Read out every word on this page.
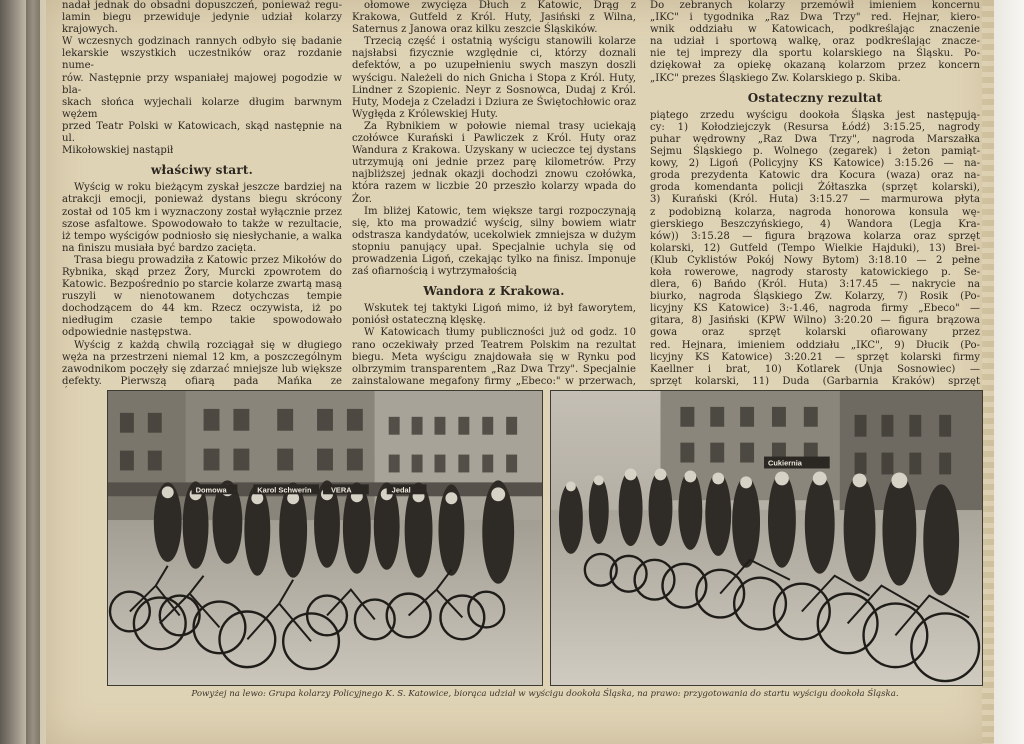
nadał jednak do obsadni dopuszczeń, ponieważ regu-
lamin biegu przewiduje jedynie udział kolarzy krajowych.
W wczesnych godzinach rannych odbyło się badanie
lekarskie wszystkich uczestników oraz rozdanie nume-
rów. Następnie przy wspaniałej majowej pogodzie w bla-
skach słońca wyjechali kolarze długim barwnym wężem
przed Teatr Polski w Katowicach, skąd następnie na ul.
Mikołowskiej nastąpił
właściwy start.

Wyścig w roku bieżącym zyskał jeszcze bardziej na atrakcji emocji, ponieważ dystans biegu skrócony został od 105 km i wyznaczony został wyłącznie przez szose asfaltowe. Spowodowało to także w rezultacie, iż tempo wyścigów podniosło się niesłychanie, a walka na finiszu musiała być bardzo zacięta.

Trasa biegu prowadziła z Katowic przez Mikołów do Rybnika, skąd przez Żory, Murcki zpowrotem do Katowic. Bezpośrednio po starcie kolarze zwartą masą ruszyli w nienotowanem dotychczas tempie dochodzącem do 44 km. Rzecz oczywista, iż po niedługim czasie tempo takie spowodowało odpowiednie następstwa.

Wyścig z każdą chwilą rozciągał się w długiego węża na przestrzeni niemal 12 km, a poszczególnym zawodnikom poczęły się zdarzać mniejsze lub większe defekty. Pierwszą ofiarą pada Mańka ze

ołomowe zwycięza Dłuch z Katowic, Drąg z Krakowa, Gutfeld z Król. Huty, Jasiński z Wilna, Saternus z Janowa oraz kilku zeszcie Śląskików.

Trzecią część i ostatnią wyścigu stanowili kolarze najsłabsi fizycznie względnie ci, którzy doznali defektów, a po uzupełnieniu swych maszyn doszli wyścigu. Należeli do nich Gnicha i Stopa z Król. Huty, Lindner z Szopienic. Neyr z Sosnowca, Dudaj z Król. Huty, Modeja z Czeladzi i Dziura ze Świętochłowic oraz Wygłęda z Królewskiej Huty.

Za Rybnikiem w połowie niemal trasy uciekają czołówce Kurański i Pawliczek z Król. Huty oraz Wandura z Krakowa. Uzyskany w ucieczce tej dystans utrzymują oni jednie przez parę kilometrów. Przy najbliższej jednak okazji dochodzi znowu czołówka, która razem w liczbie 20 przeszło kolarzy wpada do Żor.

Im bliżej Katowic, tem większe targi rozpoczynają się, kto ma prowadzić wyścig, silny bowiem wiatr odstrasza kandydatów, ucekolwiek zmniejsza w dużym stopniu panujący upał. Specjalnie uchyla się od prowadzenia Ligoń, czekając tylko na finisz. Imponuje zaś ofiarnością i wytrzymałością

Wandora z Krakowa.

Wskutek tej taktyki Ligoń mimo, iż był faworytem, poniósł ostateczną klęskę.

W Katowicach tłumy publiczności już od godz. 10 rano oczekiwały przed Teatrem Polskim na rezultat biegu. Meta wyścigu znajdowała się w Rynku pod olbrzymim transparentem „Raz Dwa Trzy". Specjalnie zainstalowane megafony firmy „Ebeco:" w przerwach,

Do zebranych kolarzy przemówił imieniem koncernu
„IKC" i tygodnika „Raz Dwa Trzy" red. Hejnar, kiero-
wnik oddziału w Katowicach, podkreślając znaczenie
na udział i sportową walkę, oraz podkreślając znacze-
nie tej imprezy dla sportu kolarskiego na Śląsku. Po-
dziękował za opiekę okazaną kolarzom przez koncern
„IKC" prezes Śląskiego Zw. Kolarskiego p. Skiba.
Ostateczny rezultat
piątego zrzedu wyścigu dookoła Śląska jest następują-
cy: 1) Kołodziejczyk (Resursa Łódź) 3:15.25, nagrody
puhar wędrowny „Raz Dwa Trzy", nagroda Marszałka
Sejmu Śląskiego p. Wolnego (zegarek) i żeton pamiąt-
kowy, 2) Ligoń (Policyjny KS Katowice) 3:15.26 — na-
groda prezydenta Katowic dra Kocura (waza) oraz na-
groda komendanta policji Żółtaszka (sprzęt kolarski),
3) Kurański (Król. Huta) 3:15.27 — marmurowa płyta
z podobizną kolarza, nagroda honorowa konsula wę-
gierskiego Beszczyńskiego, 4) Wandora (Legja Kra-
ków)) 3:15.28 — figura brązowa kolarza oraz sprzęt
kolarski, 12) Gutfeld (Tempo Wielkie Hajduki), 13) Brei-
(Klub Cyklistów Pokój Nowy Bytom) 3:18.10 — 2 pełne
koła rowerowe, nagrody starosty katowickiego p. Se-
dlera, 6) Bańdo (Król. Huta) 3:17.45 — nakrycie na
biurko, nagroda Śląskiego Zw. Kolarzy, 7) Rosik (Po-
licyjny KS Katowice) 3:-1.46, nagroda firmy „Ebeco" —
gitara, 8) Jasiński (KPW Wilno) 3:20.20 — figura brązowa
gowa oraz sprzęt kolarski ofiarowany przez
red. Hejnara, imieniem oddziału „IKC", 9) Dłucik (Po-
licyjny KS Katowice) 3:20.21 — sprzęt kolarski firmy
Kaellner i brat, 10) Kotlarek (Unja Sosnowiec) —
sprzęt kolarski, 11) Duda (Garbarnia Kraków) sprzęt
Domowa	Karol Schwerin	VERA	Jedal
Cukiernia
Powyżej na lewo: Grupa kolarzy Policyjnego K. S. Katowice, biorąca udział w wyścigu dookoła Śląska, na prawo: przygotowania do startu wyścigu dookoła Śląska.
